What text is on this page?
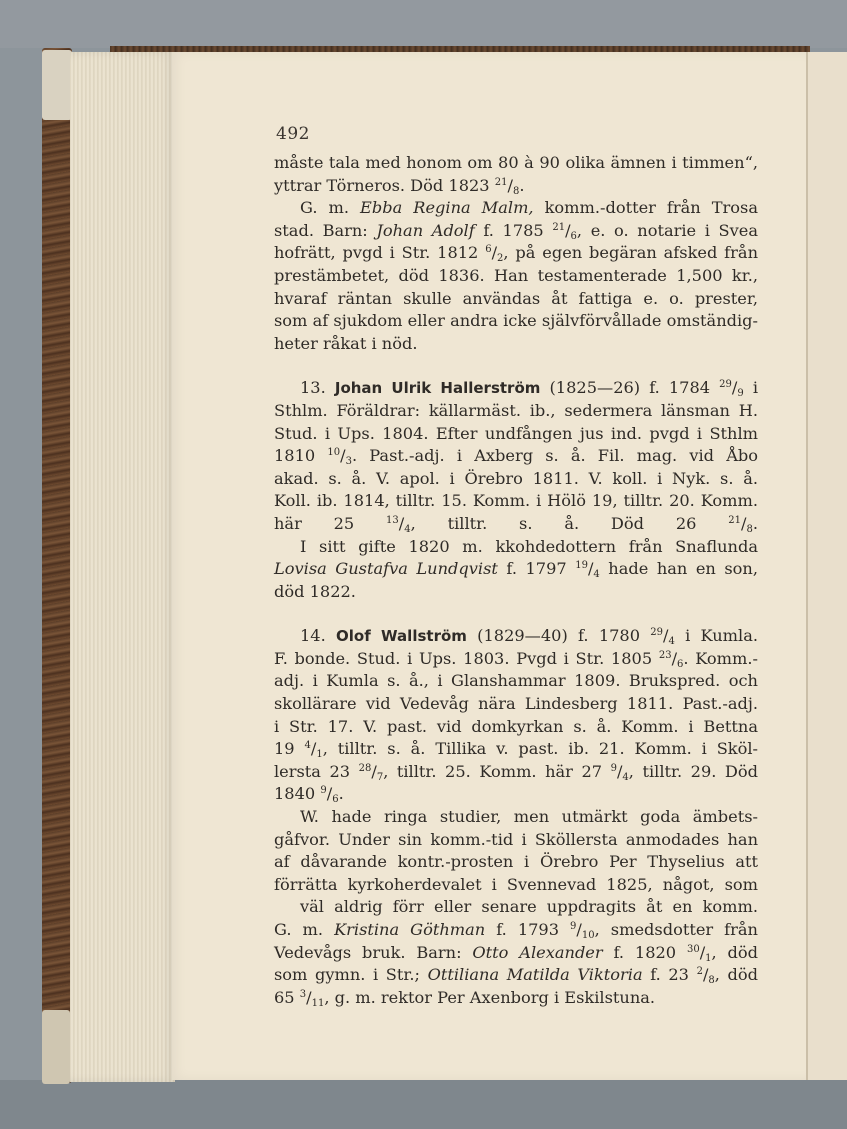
492

måste tala med honom om 80 à 90 olika ämnen i timmen“,

yttrar Törneros. Död 1823 $^{21}/_8$.

G. m. Ebba Regina Malm, komm.-dotter från Trosa

stad. Barn: Johan Adolf f. 1785 $^{21}/_6$, e. o. notarie i Svea

hofrätt, pvgd i Str. 1812 $^6/_2$, på egen begäran afsked från

prestämbetet, död 1836. Han testamenterade 1,500 kr.,

hvaraf räntan skulle användas åt fattiga e. o. prester,

som af sjukdom eller andra icke självförvållade omständig-

heter råkat i nöd.

13. Johan Ulrik Hallerström (1825—26) f. 1784 $^{29}/_9$ i

Sthlm. Föräldrar: källarmäst. ib., sedermera länsman H.

Stud. i Ups. 1804. Efter undfången jus ind. pvgd i Sthlm

1810 $^{10}/_3$. Past.-adj. i Axberg s. å. Fil. mag. vid Åbo

akad. s. å. V. apol. i Örebro 1811. V. koll. i Nyk. s. å.

Koll. ib. 1814, tilltr. 15. Komm. i Hölö 19, tilltr. 20. Komm.

här 25 $^{13}/_4$, tilltr. s. å. Död 26 $^{21}/_8$.

I sitt gifte 1820 m. kkohdedottern från Snaflunda

Lovisa Gustafva Lundqvist f. 1797 $^{19}/_4$ hade han en son,

död 1822.

14. Olof Wallström (1829—40) f. 1780 $^{29}/_4$ i Kumla.

F. bonde. Stud. i Ups. 1803. Pvgd i Str. 1805 $^{23}/_6$. Komm.-

adj. i Kumla s. å., i Glanshammar 1809. Brukspred. och

skollärare vid Vedevåg nära Lindesberg 1811. Past.-adj.

i Str. 17. V. past. vid domkyrkan s. å. Komm. i Bettna

19 $^4/_1$, tilltr. s. å. Tillika v. past. ib. 21. Komm. i Sköl-

lersta 23 $^{28}/_7$, tilltr. 25. Komm. här 27 $^9/_4$, tilltr. 29. Död

1840 $^9/_6$.

W. hade ringa studier, men utmärkt goda ämbets-

gåfvor. Under sin komm.-tid i Sköllersta anmodades han

af dåvarande kontr.-prosten i Örebro Per Thyselius att

förrätta kyrkoherdevalet i Svennevad 1825, något, som

väl aldrig förr eller senare uppdragits åt en komm.

G. m. Kristina Göthman f. 1793 $^9/_{10}$, smedsdotter från

Vedevågs bruk. Barn: Otto Alexander f. 1820 $^{30}/_1$, död

som gymn. i Str.; Ottiliana Matilda Viktoria f. 23 $^2/_8$, död

65 $^3/_{11}$, g. m. rektor Per Axenborg i Eskilstuna.
